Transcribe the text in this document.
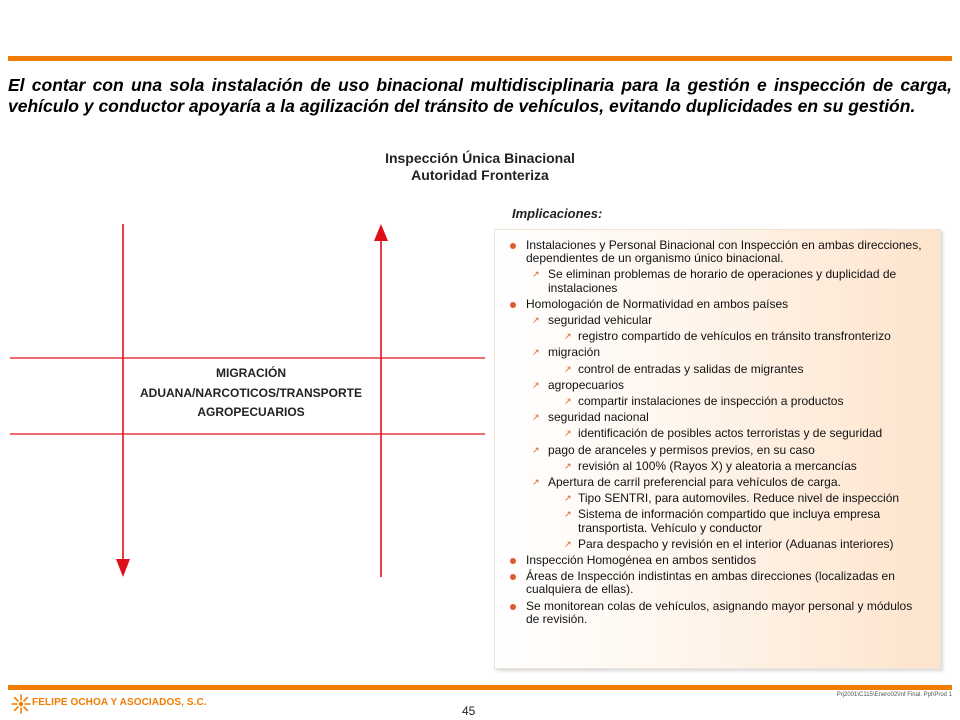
El contar con una sola instalación de uso binacional multidisciplinaria para la gestión e inspección de carga, vehículo y conductor apoyaría a la agilización del tránsito de vehículos, evitando duplicidades en su gestión.

Inspección Única Binacional
Autoridad Fronteriza
MIGRACIÓN
ADUANA/NARCOTICOS/TRANSPORTE
AGROPECUARIOS
Implicaciones:
Instalaciones y Personal Binacional con Inspección en ambas direcciones, dependientes de un organismo único binacional.
↗ Se eliminan problemas de horario de operaciones y duplicidad de instalaciones
Homologación de Normatividad en ambos países
↗ seguridad vehicular
↗ registro compartido de vehículos en tránsito transfronterizo
↗ migración
↗ control de entradas y salidas de migrantes
↗ agropecuarios
↗ compartir instalaciones de inspección a productos
↗ seguridad nacional
↗ identificación de posibles actos terroristas y de seguridad
↗ pago de aranceles y permisos previos, en su caso
↗ revisión al 100% (Rayos X) y aleatoria a mercancías
↗ Apertura de carril preferencial para vehículos de carga.
↗ Tipo SENTRI, para automoviles. Reduce nivel de inspección
↗ Sistema de información compartido que incluya empresa transportista. Vehículo y conductor
↗ Para despacho y revisión en el interior (Aduanas interiores)
Inspección Homogénea en ambos sentidos
Áreas de Inspección indistintas en ambas direcciones (localizadas en cualquiera de ellas).
Se monitorean colas de vehículos, asignando mayor personal y módulos de revisión.
FELIPE OCHOA Y ASOCIADOS, S.C.
45
Prj2001\C115\Enero02\Inf Final. Ppt\Prod 1
